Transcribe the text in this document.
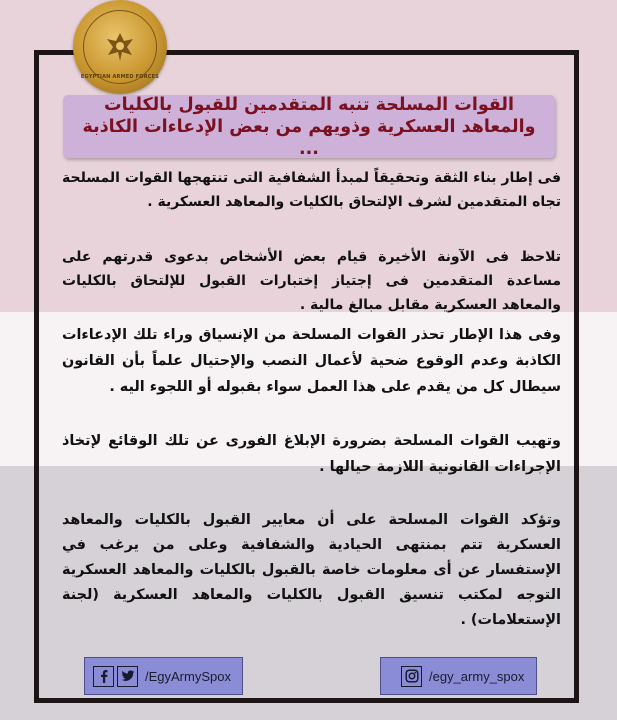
EGYPTIAN ARMED FORCES

القوات المسلحة تنبه المتقدمين للقبول بالكليات والمعاهد العسكرية وذويهم من بعض الإدعاءات الكاذبة ...

فى إطار بناء الثقة وتحقيقاً لمبدأ الشفافية التى تنتهجها القوات المسلحة تجاه المتقدمين لشرف الإلتحاق بالكليات والمعاهد العسكرية .

تلاحظ فى الآونة الأخيرة قيام بعض الأشخاص بدعوى قدرتهم على مساعدة المتقدمين فى إجتياز إختبارات القبول للإلتحاق بالكليات والمعاهد العسكرية مقابل مبالغ مالية .

وفى هذا الإطار تحذر القوات المسلحة من الإنسياق وراء تلك الإدعاءات الكاذبة وعدم الوقوع ضحية لأعمال النصب والإحتيال علماً بأن القانون سيطال كل من يقدم على هذا العمل سواء بقبوله أو اللجوء اليه .

وتهيب القوات المسلحة بضرورة الإبلاغ الفورى عن تلك الوقائع لإتخاذ الإجراءات القانونية اللازمة حيالها .

وتؤكد القوات المسلحة على أن معايير القبول بالكليات والمعاهد العسكرية تتم بمنتهى الحيادية والشفافية وعلى من يرغب في الإستفسار عن أى معلومات خاصة بالقبول بالكليات والمعاهد العسكرية التوجه لمكتب تنسيق القبول بالكليات والمعاهد العسكرية (لجنة الإستعلامات) .

/EgyArmySpox	/egy_army_spox
